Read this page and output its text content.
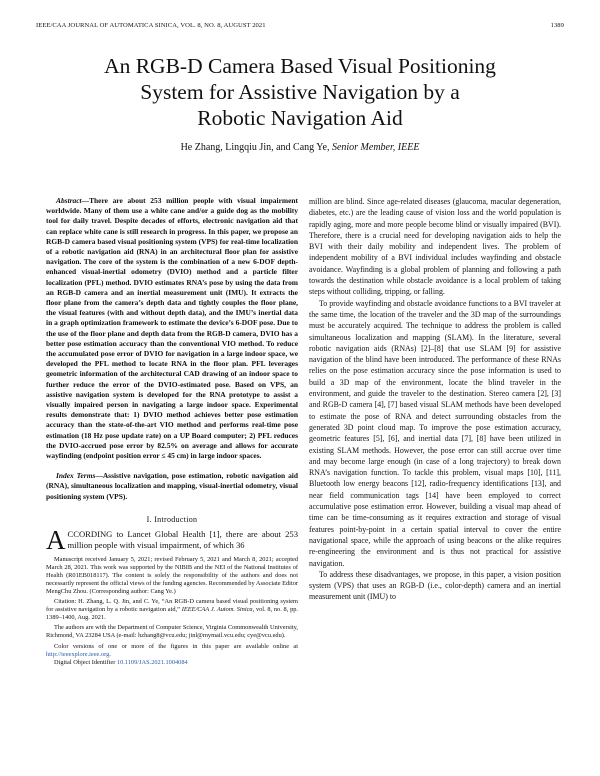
IEEE/CAA JOURNAL OF AUTOMATICA SINICA, VOL. 8, NO. 8, AUGUST 2021	1389
An RGB-D Camera Based Visual Positioning
System for Assistive Navigation by a
Robotic Navigation Aid
He Zhang, Lingqiu Jin, and Cang Ye, Senior Member, IEEE

Abstract—There are about 253 million people with visual impairment worldwide. Many of them use a white cane and/or a guide dog as the mobility tool for daily travel. Despite decades of efforts, electronic navigation aid that can replace white cane is still research in progress. In this paper, we propose an RGB-D camera based visual positioning system (VPS) for real-time localization of a robotic navigation aid (RNA) in an architectural floor plan for assistive navigation. The core of the system is the combination of a new 6-DOF depth-enhanced visual-inertial odometry (DVIO) method and a particle filter localization (PFL) method. DVIO estimates RNA’s pose by using the data from an RGB-D camera and an inertial measurement unit (IMU). It extracts the floor plane from the camera’s depth data and tightly couples the floor plane, the visual features (with and without depth data), and the IMU’s inertial data in a graph optimization framework to estimate the device’s 6-DOF pose. Due to the use of the floor plane and depth data from the RGB-D camera, DVIO has a better pose estimation accuracy than the conventional VIO method. To reduce the accumulated pose error of DVIO for navigation in a large indoor space, we developed the PFL method to locate RNA in the floor plan. PFL leverages geometric information of the architectural CAD drawing of an indoor space to further reduce the error of the DVIO-estimated pose. Based on VPS, an assistive navigation system is developed for the RNA prototype to assist a visually impaired person in navigating a large indoor space. Experimental results demonstrate that: 1) DVIO method achieves better pose estimation accuracy than the state-of-the-art VIO method and performs real-time pose estimation (18 Hz pose update rate) on a UP Board computer; 2) PFL reduces the DVIO-accrued pose error by 82.5% on average and allows for accurate wayfinding (endpoint position error ≤ 45 cm) in large indoor spaces.

Index Terms—Assistive navigation, pose estimation, robotic navigation aid (RNA), simultaneous localization and mapping, visual-inertial odometry, visual positioning system (VPS).

I. Introduction

ACCORDING to Lancet Global Health [1], there are about 253 million people with visual impairment, of which 36

Manuscript received January 5, 2021; revised February 5, 2021 and March 8, 2021; accepted March 28, 2021. This work was supported by the NIBIB and the NEI of the National Institutes of Health (R01EB018117). The content is solely the responsibility of the authors and does not necessarily represent the official views of the funding agencies. Recommended by Associate Editor MengChu Zhou. (Corresponding author: Cang Ye.)

Citation: H. Zhang, L. Q. Jin, and C. Ye, “An RGB-D camera based visual positioning system for assistive navigation by a robotic navigation aid,” IEEE/CAA J. Autom. Sinica, vol. 8, no. 8, pp. 1389–1400, Aug. 2021.

The authors are with the Department of Computer Science, Virginia Commonwealth University, Richmond, VA 23284 USA (e-mail: hzhang8@vcu.edu; jinl@mymail.vcu.edu; cye@vcu.edu).

Color versions of one or more of the figures in this paper are available online at http://ieeexplore.ieee.org.

Digital Object Identifier 10.1109/JAS.2021.1004084

million are blind. Since age-related diseases (glaucoma, macular degeneration, diabetes, etc.) are the leading cause of vision loss and the world population is rapidly aging, more and more people become blind or visually impaired (BVI). Therefore, there is a crucial need for developing navigation aids to help the BVI with their daily mobility and independent lives. The problem of independent mobility of a BVI individual includes wayfinding and obstacle avoidance. Wayfinding is a global problem of planning and following a path towards the destination while obstacle avoidance is a local problem of taking steps without colliding, tripping, or falling.

To provide wayfinding and obstacle avoidance functions to a BVI traveler at the same time, the location of the traveler and the 3D map of the surroundings must be accurately acquired. The technique to address the problem is called simultaneous localization and mapping (SLAM). In the literature, several robotic navigation aids (RNAs) [2]–[8] that use SLAM [9] for assistive navigation of the blind have been introduced. The performance of these RNAs relies on the pose estimation accuracy since the pose information is used to build a 3D map of the environment, locate the blind traveler in the environment, and guide the traveler to the destination. Stereo camera [2], [3] and RGB-D camera [4], [7] based visual SLAM methods have been developed to estimate the pose of RNA and detect surrounding obstacles from the generated 3D point cloud map. To improve the pose estimation accuracy, geometric features [5], [6], and inertial data [7], [8] have been utilized in existing SLAM methods. However, the pose error can still accrue over time and may become large enough (in case of a long trajectory) to break down RNA’s navigation function. To tackle this problem, visual maps [10], [11], Bluetooth low energy beacons [12], radio-frequency identifications [13], and near field communication tags [14] have been employed to correct accumulative pose estimation error. However, building a visual map ahead of time can be time-consuming as it requires extraction and storage of visual features point-by-point in a certain spatial interval to cover the entire navigational space, while the approach of using beacons or the alike requires re-engineering the environment and is thus not practical for assistive navigation.

To address these disadvantages, we propose, in this paper, a vision position system (VPS) that uses an RGB-D (i.e., color-depth) camera and an inertial measurement unit (IMU) to
